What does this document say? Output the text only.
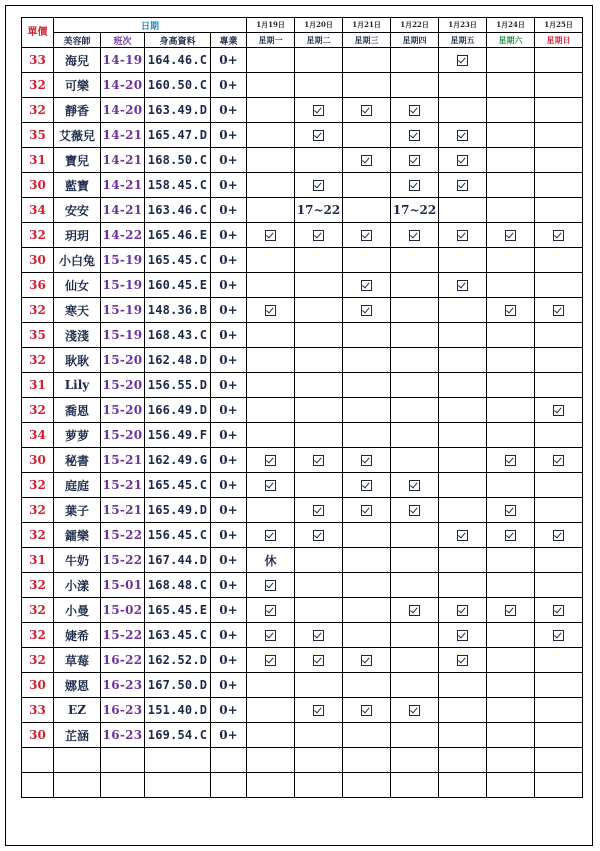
單價	日期				1月19日	1月20日	1月21日	1月22日	1月23日	1月24日	1月25日
	美容師	班次	身高資料	專業	星期一	星期二	星期三	星期四	星期五	星期六	星期日
33	海兒	14-19	164.46.C	0+							
32	可樂	14-20	160.50.C	0+							
32	靜香	14-20	163.49.D	0+							
35	艾薇兒	14-21	165.47.D	0+							
31	寶兒	14-21	168.50.C	0+							
30	藍寶	14-21	158.45.C	0+							
34	安安	14-21	163.46.C	0+		17~22		17~22			
32	玥玥	14-22	165.46.E	0+							
30	小白兔	15-19	165.45.C	0+							
36	仙女	15-19	160.45.E	0+							
32	寒天	15-19	148.36.B	0+							
35	淺淺	15-19	168.43.C	0+							
32	耿耿	15-20	162.48.D	0+							
31	Lily	15-20	156.55.D	0+							
32	喬恩	15-20	166.49.D	0+							
34	萝萝	15-20	156.49.F	0+							
30	秘書	15-21	162.49.G	0+							
32	庭庭	15-21	165.45.C	0+							
32	葉子	15-21	165.49.D	0+							
32	鐳樂	15-22	156.45.C	0+							
31	牛奶	15-22	167.44.D	0+	休						
32	小漾	15-01	168.48.C	0+							
32	小曼	15-02	165.45.E	0+							
32	婕希	15-22	163.45.C	0+							
32	草莓	16-22	162.52.D	0+							
30	娜恩	16-23	167.50.D	0+							
33	EZ	16-23	151.40.D	0+							
30	芷涵	16-23	169.54.C	0+							
